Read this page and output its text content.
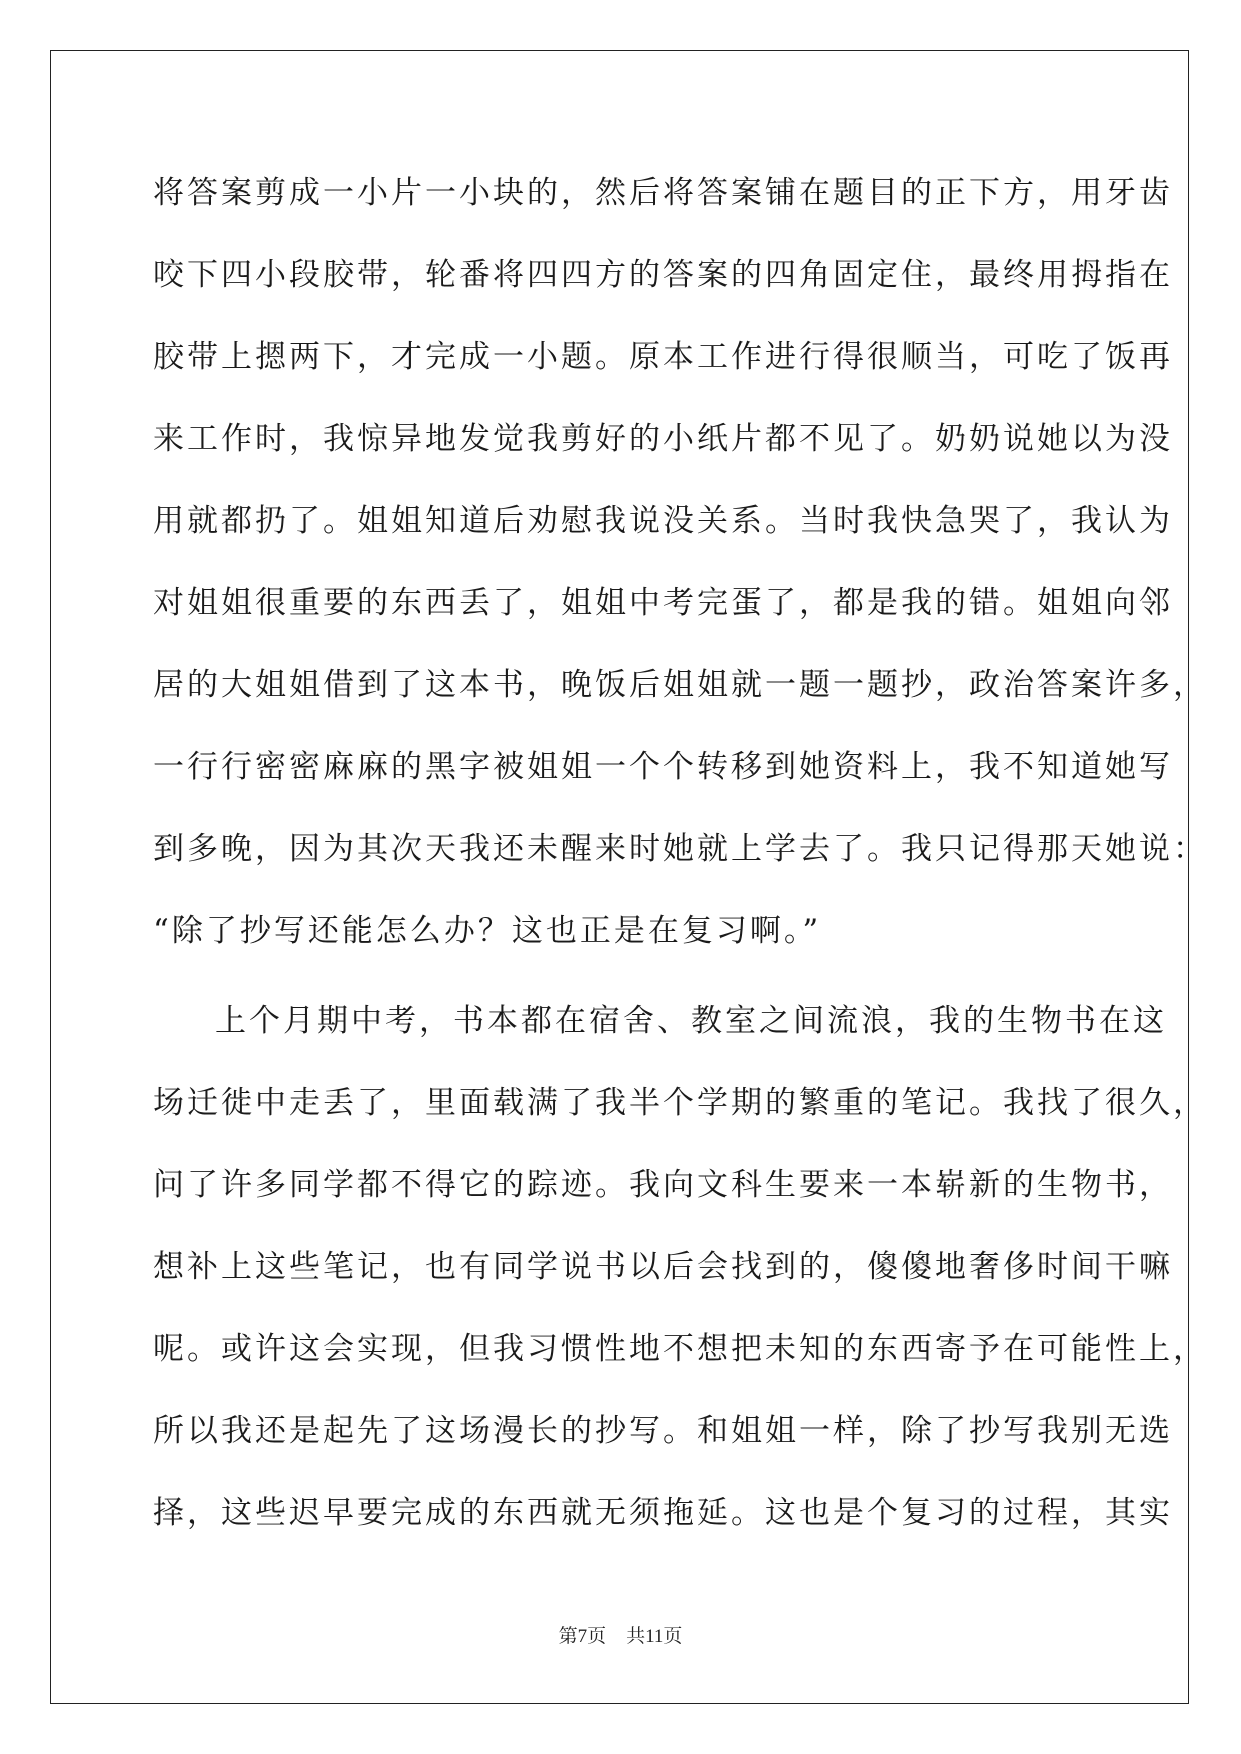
将答案剪成一小片一小块的，然后将答案铺在题目的正下方，用牙齿
咬下四小段胶带，轮番将四四方的答案的四角固定住，最终用拇指在
胶带上摁两下，才完成一小题。原本工作进行得很顺当，可吃了饭再
来工作时，我惊异地发觉我剪好的小纸片都不见了。奶奶说她以为没
用就都扔了。姐姐知道后劝慰我说没关系。当时我快急哭了，我认为
对姐姐很重要的东西丢了，姐姐中考完蛋了，都是我的错。姐姐向邻
居的大姐姐借到了这本书，晚饭后姐姐就一题一题抄，政治答案许多，
一行行密密麻麻的黑字被姐姐一个个转移到她资料上，我不知道她写
到多晚，因为其次天我还未醒来时她就上学去了。我只记得那天她说：
“除了抄写还能怎么办？这也正是在复习啊。”
上个月期中考，书本都在宿舍、教室之间流浪，我的生物书在这
场迁徙中走丢了，里面载满了我半个学期的繁重的笔记。我找了很久，
问了许多同学都不得它的踪迹。我向文科生要来一本崭新的生物书，
想补上这些笔记，也有同学说书以后会找到的，傻傻地奢侈时间干嘛
呢。或许这会实现，但我习惯性地不想把未知的东西寄予在可能性上，
所以我还是起先了这场漫长的抄写。和姐姐一样，除了抄写我别无选
择，这些迟早要完成的东西就无须拖延。这也是个复习的过程，其实
第7页 共11页
